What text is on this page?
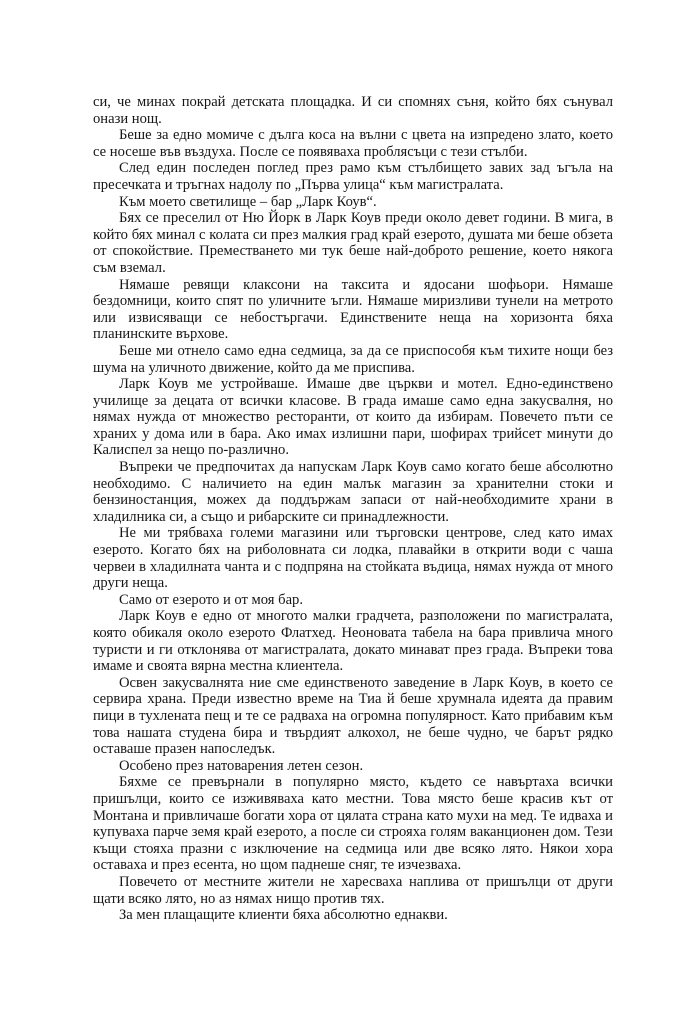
си, че минах покрай детската площадка. И си спомнях съня, който бях сънувал онази нощ.

Беше за едно момиче с дълга коса на вълни с цвета на изпредено злато, което се носеше във въздуха. После се появяваха проблясъци с тези стълби.

След един последен поглед през рамо към стълбището завих зад ъгъла на пресечката и тръгнах надолу по „Първа улица“ към магистралата.

Към моето светилище – бар „Ларк Коув“.

Бях се преселил от Ню Йорк в Ларк Коув преди около девет години. В мига, в който бях минал с колата си през малкия град край езерото, душата ми беше обзета от спокойствие. Преместването ми тук беше най-доброто решение, което някога съм вземал.

Нямаше ревящи клаксони на таксита и ядосани шофьори. Нямаше бездомници, които спят по уличните ъгли. Нямаше миризливи тунели на метрото или извисяващи се небостъргачи. Единствените неща на хоризонта бяха планинските върхове.

Беше ми отнело само една седмица, за да се приспособя към тихите нощи без шума на уличното движение, който да ме приспива.

Ларк Коув ме устройваше. Имаше две църкви и мотел. Едно-единствено училище за децата от всички класове. В града имаше само една закусвалня, но нямах нужда от множество ресторанти, от които да избирам. Повечето пъти се храних у дома или в бара. Ако имах излишни пари, шофирах трийсет минути до Калиспел за нещо по-различно.

Въпреки че предпочитах да напускам Ларк Коув само когато беше абсолютно необходимо. С наличието на един малък магазин за хранителни стоки и бензиностанция, можех да поддържам запаси от най-необходимите храни в хладилника си, а също и рибарските си принадлежности.

Не ми трябваха големи магазини или търговски центрове, след като имах езерото. Когато бях на риболовната си лодка, плавайки в открити води с чаша червеи в хладилната чанта и с подпряна на стойката въдица, нямах нужда от много други неща.

Само от езерото и от моя бар.

Ларк Коув е едно от многото малки градчета, разположени по магистралата, която обикаля около езерото Флатхед. Неоновата табела на бара привлича много туристи и ги отклонява от магистралата, докато минават през града. Въпреки това имаме и своята вярна местна клиентела.

Освен закусвалнята ние сме единственото заведение в Ларк Коув, в което се сервира храна. Преди известно време на Тиа й беше хрумнала идеята да правим пици в тухлената пещ и те се радваха на огромна популярност. Като прибавим към това нашата студена бира и твърдият алкохол, не беше чудно, че барът рядко оставаше празен напоследък.

Особено през натоварения летен сезон.

Бяхме се превърнали в популярно място, където се навъртаха всички пришълци, които се изживяваха като местни. Това място беше красив кът от Монтана и привличаше богати хора от цялата страна като мухи на мед. Те идваха и купуваха парче земя край езерото, а после си строяха голям ваканционен дом. Тези къщи стояха празни с изключение на седмица или две всяко лято. Някои хора оставаха и през есента, но щом паднеше сняг, те изчезваха.

Повечето от местните жители не харесваха наплива от пришълци от други щати всяко лято, но аз нямах нищо против тях.

За мен плащащите клиенти бяха абсолютно еднакви.
